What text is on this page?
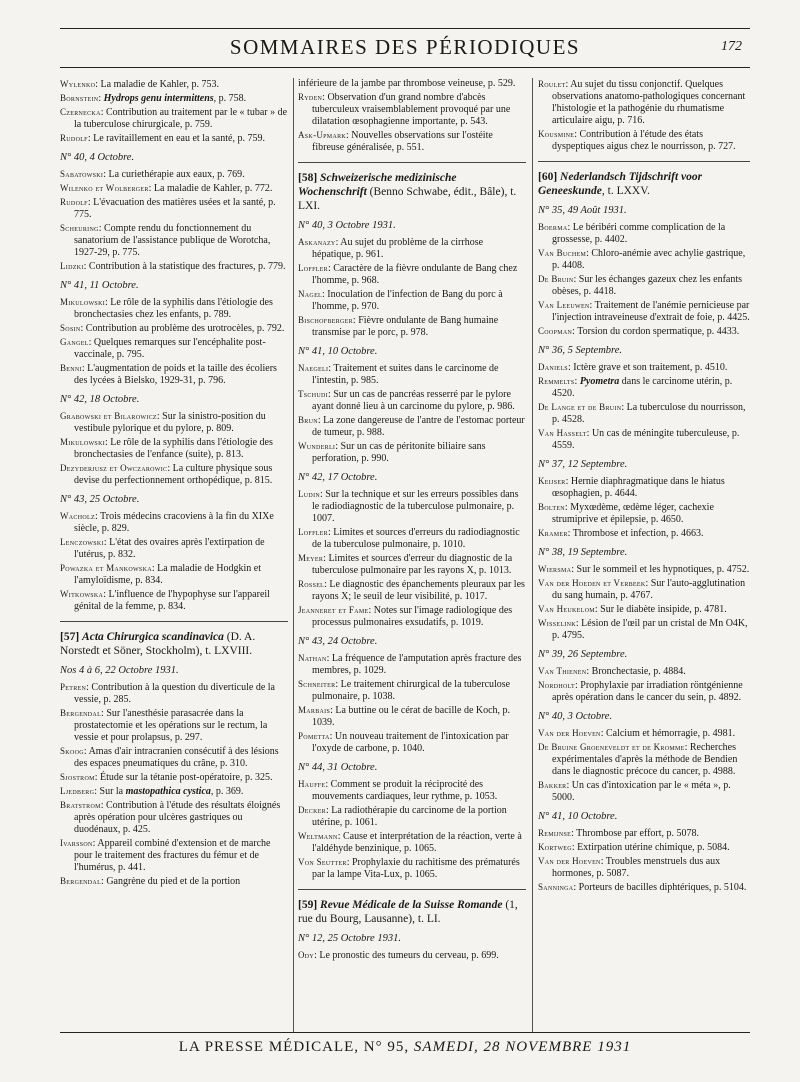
SOMMAIRES DES PÉRIODIQUES	172
Wylenko: La maladie de Kahler, p. 753.
Bornstein: Hydrops genu intermittens, p. 758.
Czernecka: Contribution au traitement par le « tubar » de la tuberculose chirurgicale, p. 759.
Rudolf: Le ravitaillement en eau et la santé, p. 759.
N° 40, 4 Octobre.
Sabatowski: La curiethérapie aux eaux, p. 769.
Wilenko et Wolberger: La maladie de Kahler, p. 772.
Rudolf: L'évacuation des matières usées et la santé, p. 775.
Scheuring: Compte rendu du fonctionnement du sanatorium de l'assistance publique de Worotcha, 1927-29, p. 775.
Lidzki: Contribution à la statistique des fractures, p. 779.
N° 41, 11 Octobre.
Mikulowski: Le rôle de la syphilis dans l'étiologie des bronchectasies chez les enfants, p. 789.
Sosin: Contribution au problème des urotrocèles, p. 792.
Gangel: Quelques remarques sur l'encéphalite post-vaccinale, p. 795.
Benni: L'augmentation de poids et la taille des écoliers des lycées à Bielsko, 1929-31, p. 796.
N° 42, 18 Octobre.
Grabowski et Bilarowicz: Sur la sinistro-position du vestibule pylorique et du pylore, p. 809.
Mikulowski: Le rôle de la syphilis dans l'étiologie des bronchectasies de l'enfance (suite), p. 813.
Dezyderjusz et Owczarowic: La culture physique sous devise du perfectionnement orthopédique, p. 815.
N° 43, 25 Octobre.
Wacholz: Trois médecins cracoviens à la fin du XIXe siècle, p. 829.
Lenczowski: L'état des ovaires après l'extirpation de l'utérus, p. 832.
Powazka et Mankowska: La maladie de Hodgkin et l'amyloïdisme, p. 834.
Witkowska: L'influence de l'hypophyse sur l'appareil génital de la femme, p. 834.
[57] Acta Chirurgica scandinavica (D. A. Norstedt et Söner, Stockholm), t. LXVIII.
Nos 4 à 6, 22 Octobre 1931.
Petren: Contribution à la question du diverticule de la vessie, p. 285.
Bergendal: Sur l'anesthésie parasacrée dans la prostatectomie et les opérations sur le rectum, la vessie et pour prolapsus, p. 297.
Skoog: Amas d'air intracranien consécutif à des lésions des espaces pneumatiques du crâne, p. 310.
Sjostrom: Étude sur la tétanie post-opératoire, p. 325.
Ljedberg: Sur la mastopathica cystica, p. 369.
Bratstrom: Contribution à l'étude des résultats éloignés après opération pour ulcères gastriques ou duodénaux, p. 425.
Ivarsson: Appareil combiné d'extension et de marche pour le traitement des fractures du fémur et de l'humérus, p. 441.
Bergendal: Gangrène du pied et de la portion
inférieure de la jambe par thrombose veineuse, p. 529.
Ryden: Observation d'un grand nombre d'abcès tuberculeux vraisemblablement provoqué par une dilatation œsophagienne importante, p. 543.
Ask-Upmark: Nouvelles observations sur l'ostéite fibreuse généralisée, p. 551.
[58] Schweizerische medizinische Wochenschrift (Benno Schwabe, édit., Bâle), t. LXI.
N° 40, 3 Octobre 1931.
Askanazy: Au sujet du problème de la cirrhose hépatique, p. 961.
Loffler: Caractère de la fièvre ondulante de Bang chez l'homme, p. 968.
Nagel: Inoculation de l'infection de Bang du porc à l'homme, p. 970.
Bischofberger: Fièvre ondulante de Bang humaine transmise par le porc, p. 978.
N° 41, 10 Octobre.
Naegeli: Traitement et suites dans le carcinome de l'intestin, p. 985.
Tschudi: Sur un cas de pancréas resserré par le pylore ayant donné lieu à un carcinome du pylore, p. 986.
Brun: La zone dangereuse de l'antre de l'estomac porteur de tumeur, p. 988.
Wunderli: Sur un cas de péritonite biliaire sans perforation, p. 990.
N° 42, 17 Octobre.
Ludin: Sur la technique et sur les erreurs possibles dans le radiodiagnostic de la tuberculose pulmonaire, p. 1007.
Loffler: Limites et sources d'erreurs du radiodiagnostic de la tuberculose pulmonaire, p. 1010.
Meyer: Limites et sources d'erreur du diagnostic de la tuberculose pulmonaire par les rayons X, p. 1013.
Rossel: Le diagnostic des épanchements pleuraux par les rayons X; le seuil de leur visibilité, p. 1017.
Jeanneret et Fame: Notes sur l'image radiologique des processus pulmonaires exsudatifs, p. 1019.
N° 43, 24 Octobre.
Nathan: La fréquence de l'amputation après fracture des membres, p. 1029.
Schneiter: Le traitement chirurgical de la tuberculose pulmonaire, p. 1038.
Marbais: La buttine ou le cérat de bacille de Koch, p. 1039.
Pometta: Un nouveau traitement de l'intoxication par l'oxyde de carbone, p. 1040.
N° 44, 31 Octobre.
Hauffe: Comment se produit la réciprocité des mouvements cardiaques, leur rythme, p. 1053.
Decker: La radiothérapie du carcinome de la portion utérine, p. 1061.
Weltmann: Cause et interprétation de la réaction, verte à l'aldéhyde benzinique, p. 1065.
Von Seutter: Prophylaxie du rachitisme des prématurés par la lampe Vita-Lux, p. 1065.
[59] Revue Médicale de la Suisse Romande (1, rue du Bourg, Lausanne), t. LI.
N° 12, 25 Octobre 1931.
Ody: Le pronostic des tumeurs du cerveau, p. 699.
Roulet: Au sujet du tissu conjonctif. Quelques observations anatomo-pathologiques concernant l'histologie et la pathogénie du rhumatisme articulaire aigu, p. 716.
Kousmine: Contribution à l'étude des états dyspeptiques aigus chez le nourrisson, p. 727.
[60] Nederlandsch Tijdschrift voor Geneeskunde, t. LXXV.
N° 35, 49 Août 1931.
Boerma: Le béribéri comme complication de la grossesse, p. 4402.
Van Buchem: Chloro-anémie avec achylie gastrique, p. 4408.
De Bruin: Sur les échanges gazeux chez les enfants obèses, p. 4418.
Van Leeuwen: Traitement de l'anémie pernicieuse par l'injection intraveineuse d'extrait de foie, p. 4425.
Coopman: Torsion du cordon spermatique, p. 4433.
N° 36, 5 Septembre.
Daniels: Ictère grave et son traitement, p. 4510.
Remmelts: Pyometra dans le carcinome utérin, p. 4520.
De Lange et de Bruin: La tuberculose du nourrisson, p. 4528.
Van Hasselt: Un cas de méningite tuberculeuse, p. 4559.
N° 37, 12 Septembre.
Keijser: Hernie diaphragmatique dans le hiatus œsophagien, p. 4644.
Bolten: Myxœdème, œdème léger, cachexie strumiprive et épilepsie, p. 4650.
Kramer: Thrombose et infection, p. 4663.
N° 38, 19 Septembre.
Wiersma: Sur le sommeil et les hypnotiques, p. 4752.
Van der Hoeden et Verbeek: Sur l'auto-agglutination du sang humain, p. 4767.
Van Heukelom: Sur le diabète insipide, p. 4781.
Wisselink: Lésion de l'œil par un cristal de Mn O4K, p. 4795.
N° 39, 26 Septembre.
Van Thienen: Bronchectasie, p. 4884.
Nordholt: Prophylaxie par irradiation röntgénienne après opération dans le cancer du sein, p. 4892.
N° 40, 3 Octobre.
Van der Hoeven: Calcium et hémorragie, p. 4981.
De Bruine Groeneveldt et de Kromme: Recherches expérimentales d'après la méthode de Bendien dans le diagnostic précoce du cancer, p. 4988.
Bakker: Un cas d'intoxication par le « méta », p. 5000.
N° 41, 10 Octobre.
Remijnse: Thrombose par effort, p. 5078.
Kortweg: Extirpation utérine chimique, p. 5084.
Van der Hoeven: Troubles menstruels dus aux hormones, p. 5087.
Sanninga: Porteurs de bacilles diphtériques, p. 5104.
LA PRESSE MÉDICALE, N° 95, SAMEDI, 28 NOVEMBRE 1931
